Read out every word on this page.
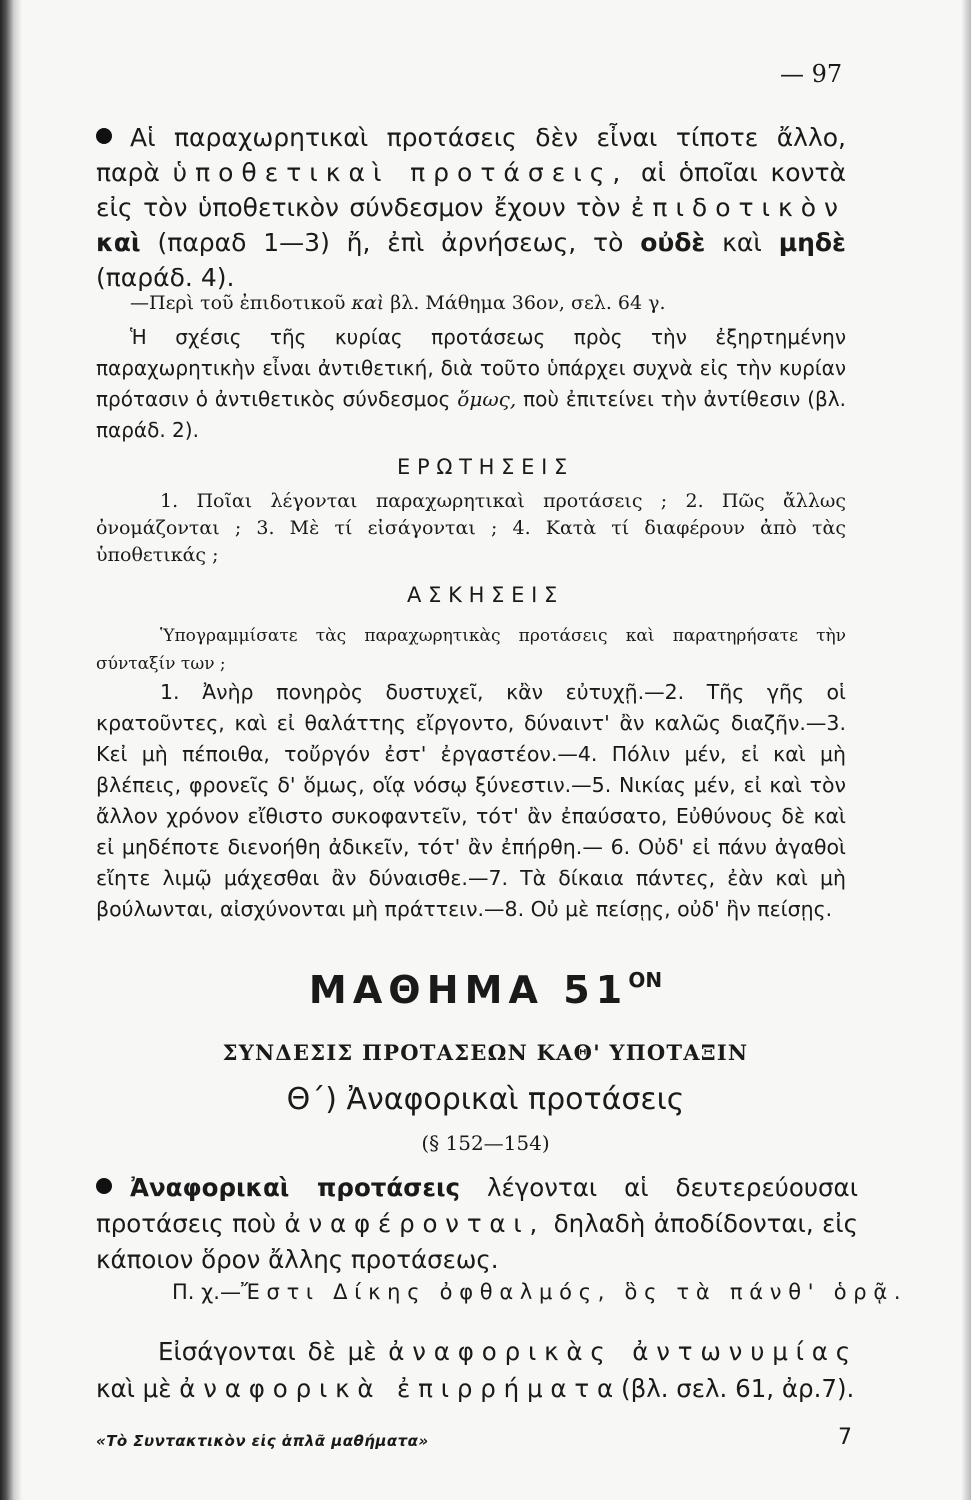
— 97
Αἱ παραχωρητικαὶ προτάσεις δὲν εἶναι τίποτε ἄλλο, παρὰ ὑποθετικαὶ προτάσεις, αἱ ὁποῖαι κοντὰ εἰς τὸν ὑποθετικὸν σύνδεσμον ἔχουν τὸν ἐπιδοτικὸν καὶ (παραδ 1—3) ἤ, ἐπὶ ἀρνήσεως, τὸ οὐδὲ καὶ μηδὲ (παράδ. 4).
—Περὶ τοῦ ἐπιδοτικοῦ καὶ βλ. Μάθημα 36ον, σελ. 64 γ.
Ἡ σχέσις τῆς κυρίας προτάσεως πρὸς τὴν ἐξηρτημένην παραχωρητικὴν εἶναι ἀντιθετική, διὰ τοῦτο ὑπάρχει συχνὰ εἰς τὴν κυρίαν πρότασιν ὁ ἀντιθετικὸς σύνδεσμος ὅμως, ποὺ ἐπιτείνει τὴν ἀντίθεσιν (βλ. παράδ. 2).
ΕΡΩΤΗΣΕΙΣ
1. Ποῖαι λέγονται παραχωρητικαὶ προτάσεις ; 2. Πῶς ἄλλως ὀνομάζονται ; 3. Μὲ τί εἰσάγονται ; 4. Κατὰ τί διαφέρουν ἀπὸ τὰς ὑποθετικάς ;
ΑΣΚΗΣΕΙΣ
Ὑπογραμμίσατε τὰς παραχωρητικὰς προτάσεις καὶ παρατηρήσατε τὴν σύνταξίν των ;
1. Ἀνὴρ πονηρὸς δυστυχεῖ, κἂν εὐτυχῇ.—2. Τῆς γῆς οἱ κρατοῦντες, καὶ εἰ θαλάττης εἴργοντο, δύναιντ' ἂν καλῶς διαζῆν.—3. Κεἰ μὴ πέποιθα, τοὔργόν ἐστ' ἐργαστέον.—4. Πόλιν μέν, εἰ καὶ μὴ βλέπεις, φρονεῖς δ' ὅμως, οἵᾳ νόσῳ ξύνεστιν.—5. Νικίας μέν, εἰ καὶ τὸν ἄλλον χρόνον εἴθιστο συκοφαντεῖν, τότ' ἂν ἐπαύσατο, Εὐθύνους δὲ καὶ εἰ μηδέποτε διενοήθη ἀδικεῖν, τότ' ἂν ἐπήρθη.— 6. Οὐδ' εἰ πάνυ ἀγαθοὶ εἴητε λιμῷ μάχεσθαι ἂν δύναισθε.—7. Τὰ δίκαια πάντες, ἐὰν καὶ μὴ βούλωνται, αἰσχύνονται μὴ πράττειν.—8. Οὐ μὲ πείσῃς, οὐδ' ἢν πείσῃς.
ΜΑΘΗΜΑ $51^{ON}$
ΣΥΝΔΕΣΙΣ ΠΡΟΤΑΣΕΩΝ ΚΑΘ' ΥΠΟΤΑΞΙΝ
Θ΄) Ἀναφορικαὶ προτάσεις
(§ 152—154)
Ἀναφορικαὶ προτάσεις λέγονται αἱ δευτερεύουσαι προτάσεις ποὺ ἀναφέρονται, δηλαδὴ ἀποδίδονται, εἰς κάποιον ὅρον ἄλλης προτάσεως.
Π. χ.—Ἔστι Δίκης ὀφθαλμός, ὃς τὰ πάνθ' ὁρᾷ.
Εἰσάγονται δὲ μὲ ἀναφορικὰς ἀντωνυμίας καὶ μὲ ἀναφορικὰ ἐπιρρήματα(βλ. σελ. 61, ἀρ.7).
«Τὸ Συντακτικὸν εἰς ἁπλᾶ μαθήματα»	7
